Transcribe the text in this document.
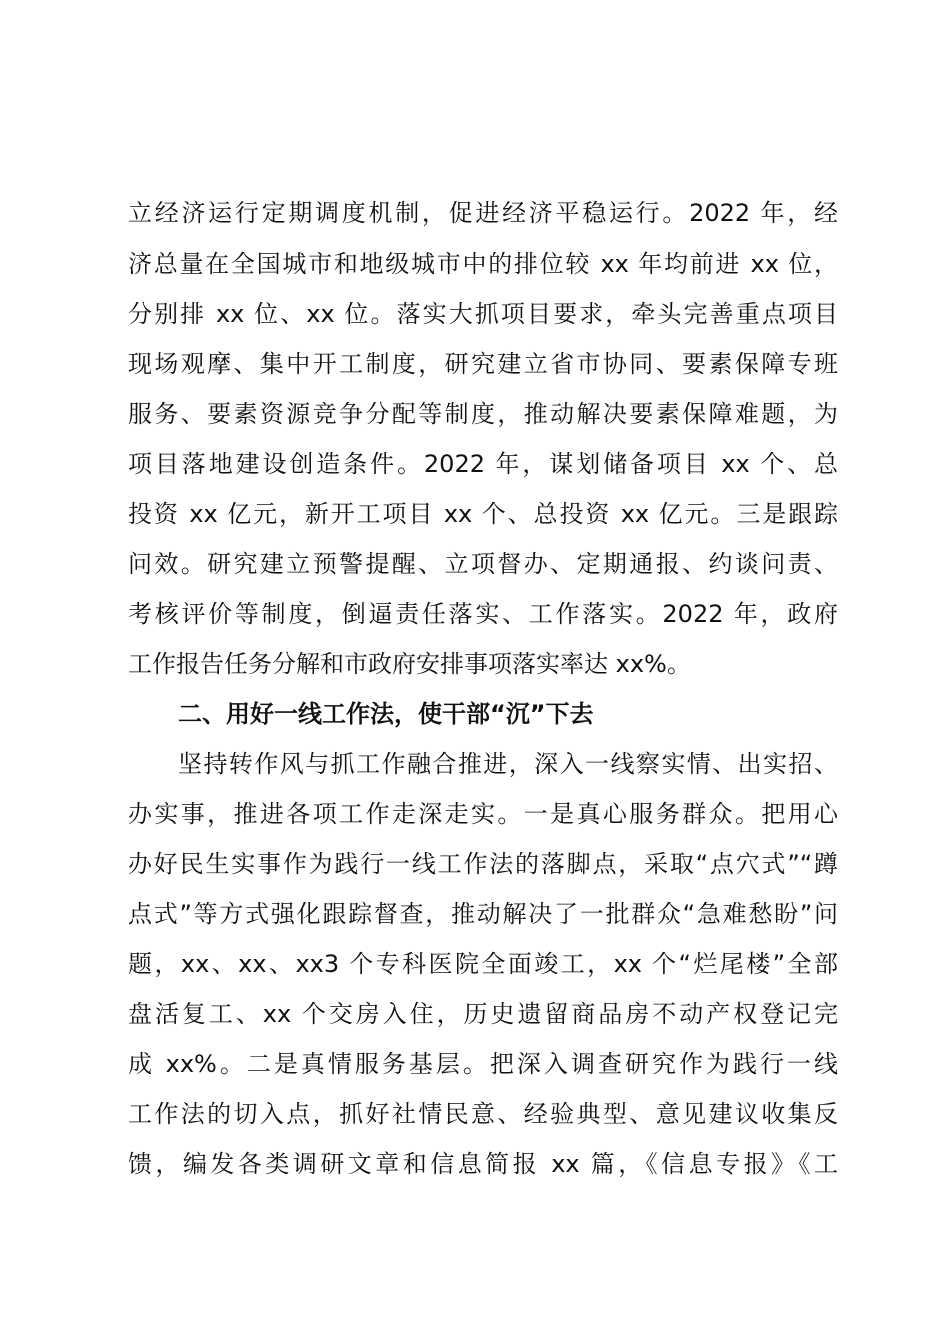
立经济运行定期调度机制，促进经济平稳运行。2022 年，经
济总量在全国城市和地级城市中的排位较 xx 年均前进 xx 位，
分别排 xx 位、xx 位。落实大抓项目要求，牵头完善重点项目
现场观摩、集中开工制度，研究建立省市协同、要素保障专班
服务、要素资源竞争分配等制度，推动解决要素保障难题，为
项目落地建设创造条件。2022 年，谋划储备项目 xx 个、总
投资 xx 亿元，新开工项目 xx 个、总投资 xx 亿元。三是跟踪
问效。研究建立预警提醒、立项督办、定期通报、约谈问责、
考核评价等制度，倒逼责任落实、工作落实。2022 年，政府
工作报告任务分解和市政府安排事项落实率达 xx%。
二、用好一线工作法，使干部“沉”下去
坚持转作风与抓工作融合推进，深入一线察实情、出实招、
办实事，推进各项工作走深走实。一是真心服务群众。把用心
办好民生实事作为践行一线工作法的落脚点，采取“点穴式”“蹲
点式”等方式强化跟踪督查，推动解决了一批群众“急难愁盼”问
题，xx、xx、xx3 个专科医院全面竣工，xx 个“烂尾楼”全部
盘活复工、xx 个交房入住，历史遗留商品房不动产权登记完
成 xx%。二是真情服务基层。把深入调查研究作为践行一线
工作法的切入点，抓好社情民意、经验典型、意见建议收集反
馈，编发各类调研文章和信息简报 xx 篇，《信息专报》《工
